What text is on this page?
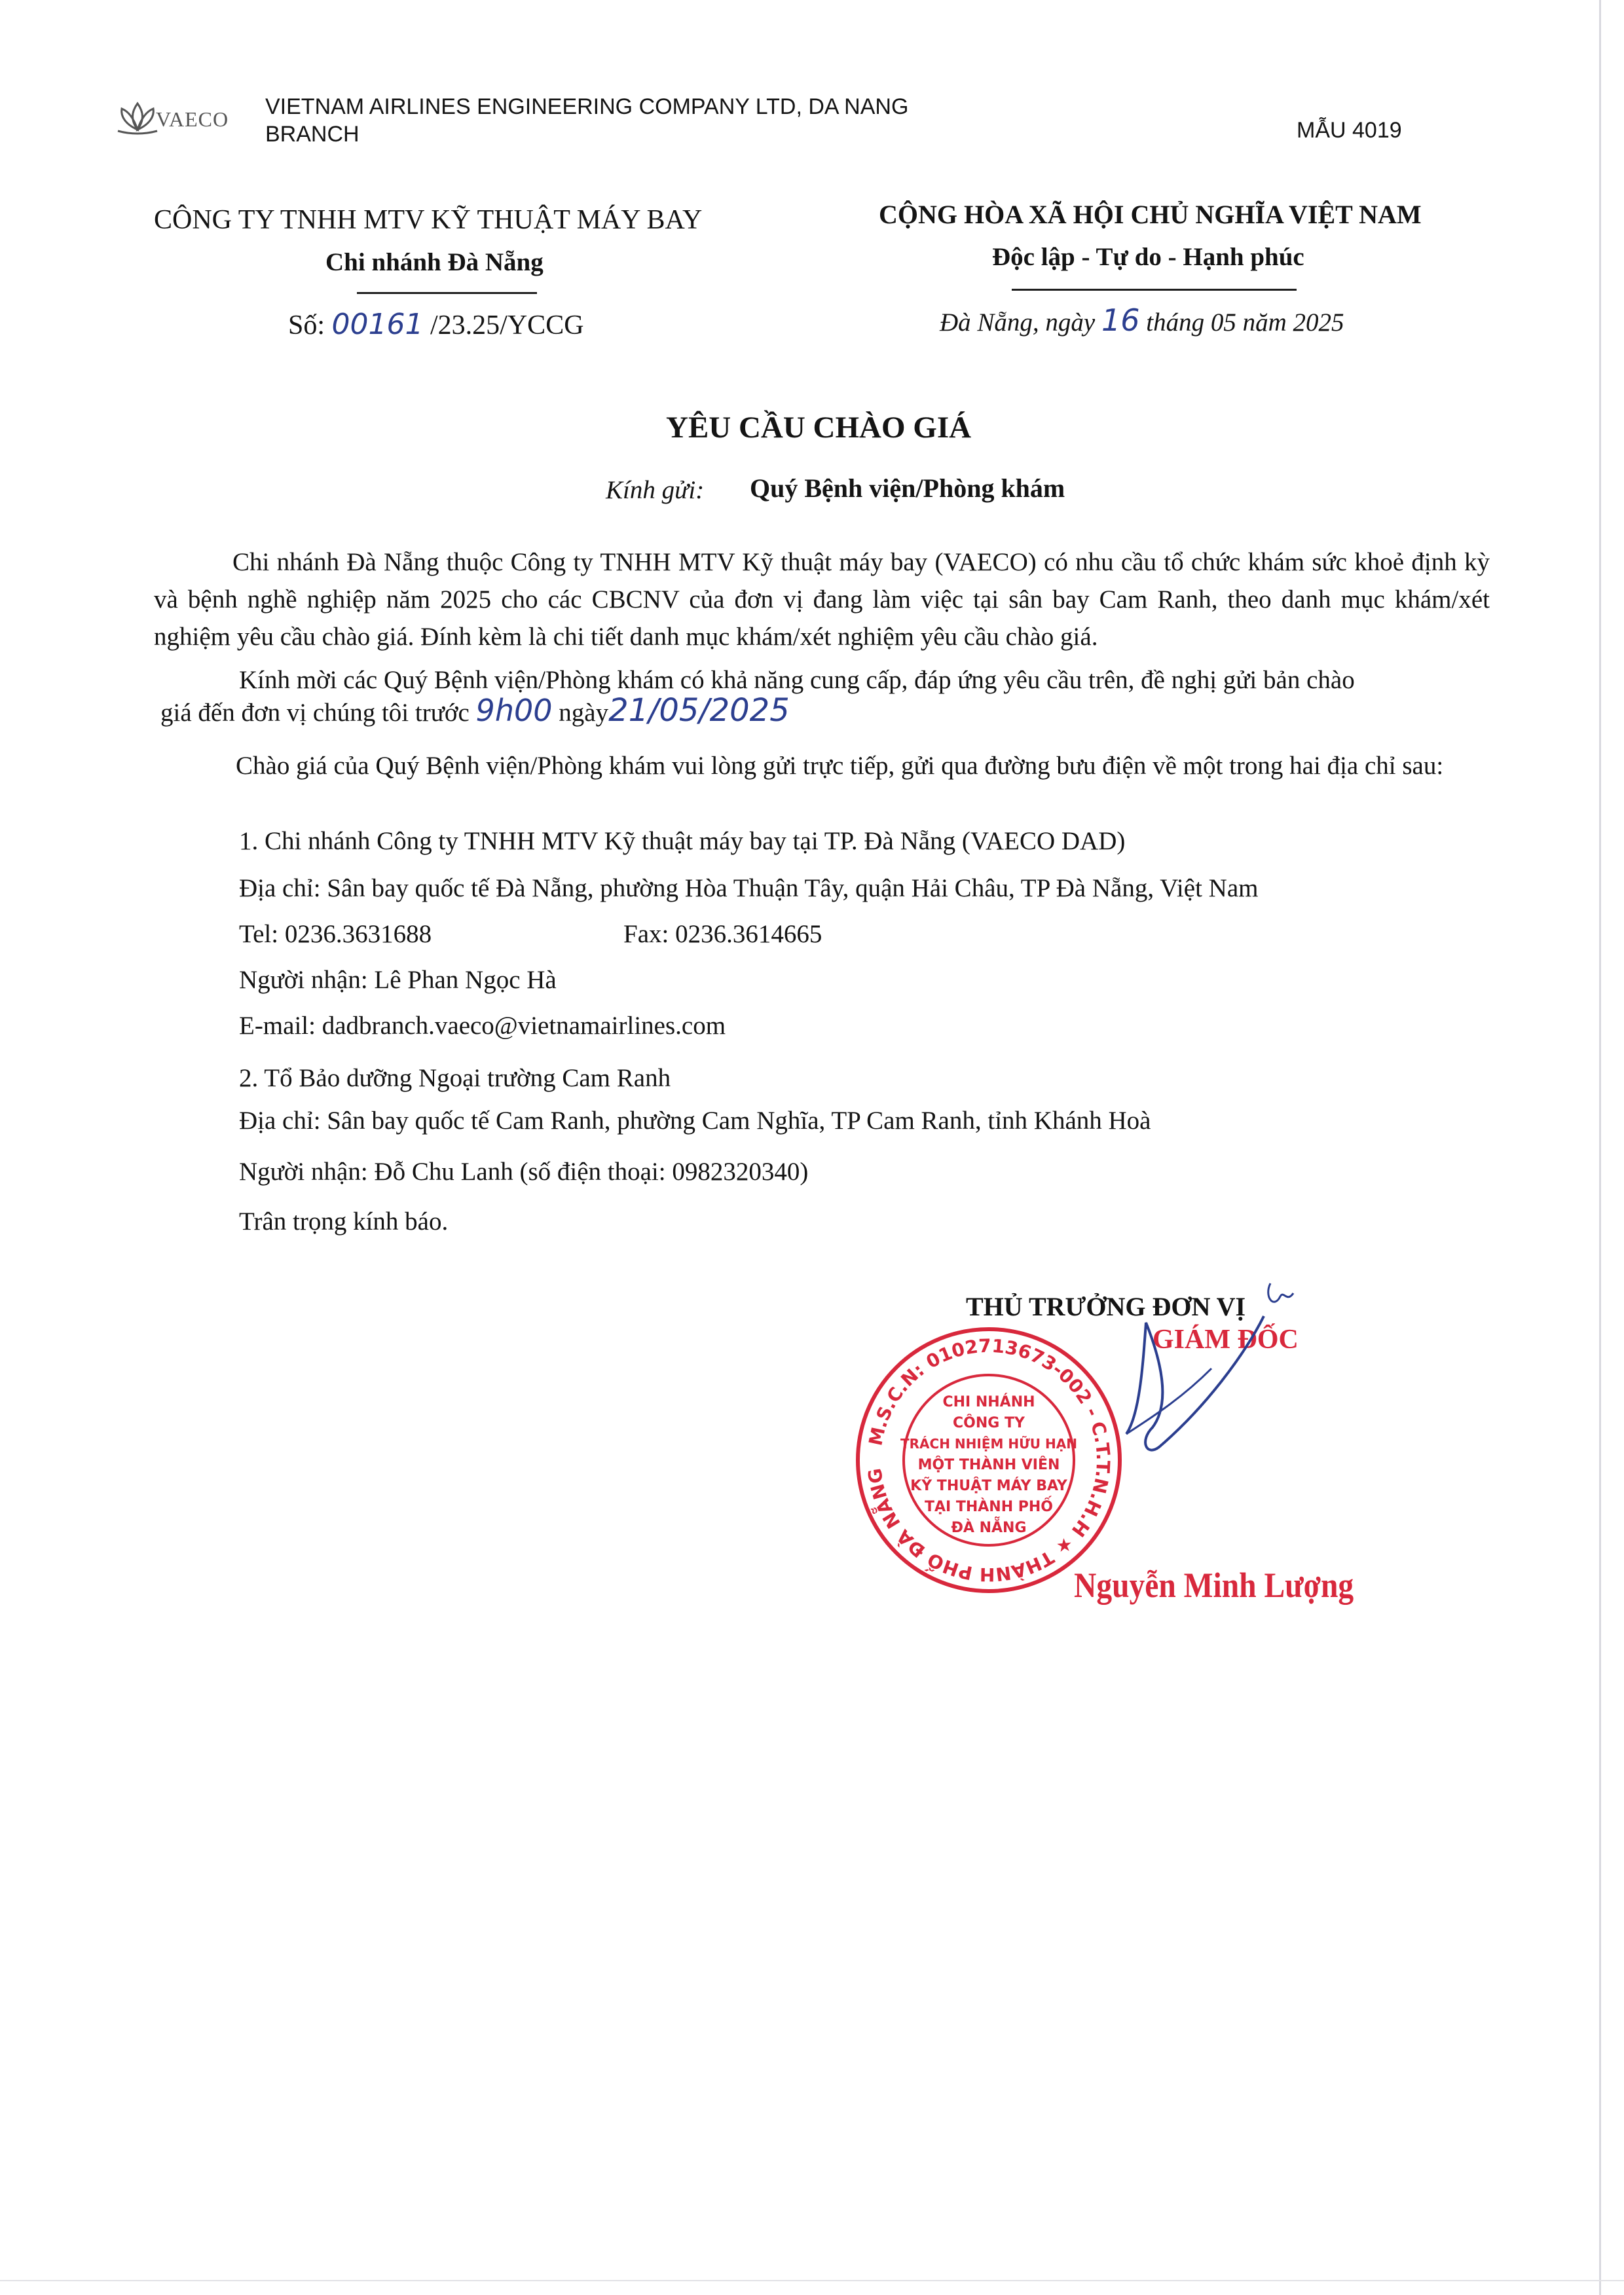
VAECO VIETNAM AIRLINES ENGINEERING COMPANY LTD, DA NANG
BRANCH	MẪU 4019
CÔNG TY TNHH MTV KỸ THUẬT MÁY BAY
Chi nhánh Đà Nẵng
Số: 00161 /23.25/YCCG
CỘNG HÒA XÃ HỘI CHỦ NGHĨA VIỆT NAM
Độc lập - Tự do - Hạnh phúc
Đà Nẵng, ngày 16 tháng 05 năm 2025
YÊU CẦU CHÀO GIÁ
Kính gửi: Quý Bệnh viện/Phòng khám
Chi nhánh Đà Nẵng thuộc Công ty TNHH MTV Kỹ thuật máy bay (VAECO) có nhu cầu tổ chức khám sức khoẻ định kỳ và bệnh nghề nghiệp năm 2025 cho các CBCNV của đơn vị đang làm việc tại sân bay Cam Ranh, theo danh mục khám/xét nghiệm yêu cầu chào giá. Đính kèm là chi tiết danh mục khám/xét nghiệm yêu cầu chào giá.
Kính mời các Quý Bệnh viện/Phòng khám có khả năng cung cấp, đáp ứng yêu cầu trên, đề nghị gửi bản chào
giá đến đơn vị chúng tôi trước 9h00 ngày21/05/2025
Chào giá của Quý Bệnh viện/Phòng khám vui lòng gửi trực tiếp, gửi qua đường bưu điện về một trong hai địa chỉ sau:
1. Chi nhánh Công ty TNHH MTV Kỹ thuật máy bay tại TP. Đà Nẵng (VAECO DAD)
Địa chỉ: Sân bay quốc tế Đà Nẵng, phường Hòa Thuận Tây, quận Hải Châu, TP Đà Nẵng, Việt Nam
Tel: 0236.3631688	Fax: 0236.3614665
Người nhận: Lê Phan Ngọc Hà
E-mail: dadbranch.vaeco@vietnamairlines.com
2. Tổ Bảo dưỡng Ngoại trường Cam Ranh
Địa chỉ: Sân bay quốc tế Cam Ranh, phường Cam Nghĩa, TP Cam Ranh, tỉnh Khánh Hoà
Người nhận: Đỗ Chu Lanh (số điện thoại: 0982320340)
Trân trọng kính báo.
THỦ TRƯỞNG ĐƠN VỊ
GIÁM ĐỐC
M.S.C.N: 0102713673-002 - C.T.T.N.H.H ★ THÀNH PHỐ ĐÀ NẴNG
CHI NHÁNH
CÔNG TY
TRÁCH NHIỆM HỮU HẠN
MỘT THÀNH VIÊN
KỸ THUẬT MÁY BAY
TẠI THÀNH PHỐ
ĐÀ NẴNG
Nguyễn Minh Lượng
